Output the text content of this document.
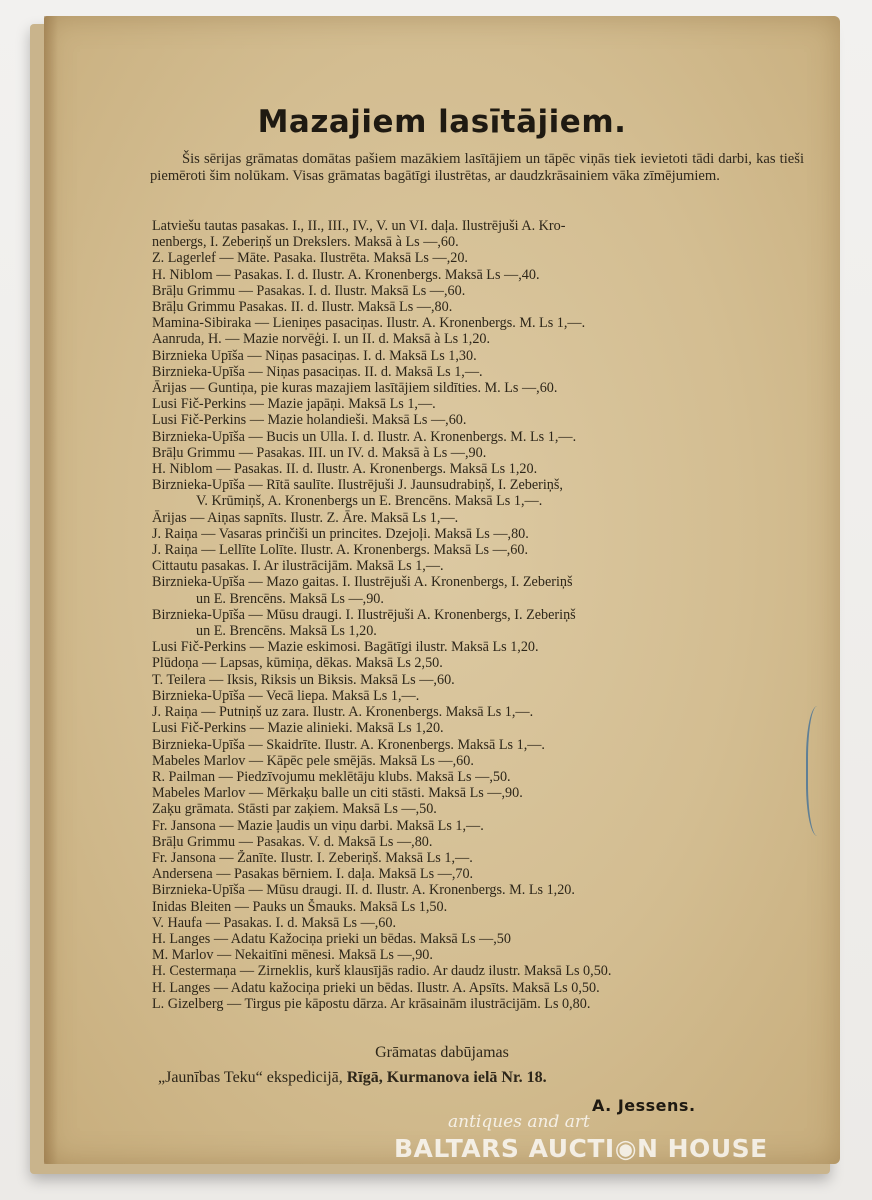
Mazajiem lasītājiem.
Šis sērijas grāmatas domātas pašiem mazākiem lasītājiem un tāpēc viņās tiek ievietoti tādi darbi, kas tieši piemēroti šim nolūkam. Visas grāmatas bagātīgi ilustrētas, ar daudzkrāsainiem vāka zīmējumiem.
Latviešu tautas pasakas. I., II., III., IV., V. un VI. daļa. Ilustrējuši A. Kro-
nenbergs, I. Zeberiņš un Drekslers. Maksā à Ls —,60.
Z. Lagerlef — Māte. Pasaka. Ilustrēta. Maksā Ls —,20.
H. Niblom — Pasakas. I. d. Ilustr. A. Kronenbergs. Maksā Ls —,40.
Brāļu Grimmu — Pasakas. I. d. Ilustr. Maksā Ls —,60.
Brāļu Grimmu Pasakas. II. d. Ilustr. Maksā Ls —,80.
Mamina-Sibiraka — Lieniņes pasaciņas. Ilustr. A. Kronenbergs. M. Ls 1,—.
Aanruda, H. — Mazie norvēģi. I. un II. d. Maksā à Ls 1,20.
Birznieka Upīša — Niņas pasaciņas. I. d. Maksā Ls 1,30.
Birznieka-Upīša — Niņas pasaciņas. II. d. Maksā Ls 1,—.
Ārijas — Guntiņa, pie kuras mazajiem lasītājiem sildīties. M. Ls —,60.
Lusi Fič-Perkins — Mazie japāņi. Maksā Ls 1,—.
Lusi Fič-Perkins — Mazie holandieši. Maksā Ls —,60.
Birznieka-Upīša — Bucis un Ulla. I. d. Ilustr. A. Kronenbergs. M. Ls 1,—.
Brāļu Grimmu — Pasakas. III. un IV. d. Maksā à Ls —,90.
H. Niblom — Pasakas. II. d. Ilustr. A. Kronenbergs. Maksā Ls 1,20.
Birznieka-Upīša — Rītā saulīte. Ilustrējuši J. Jaunsudrabiņš, I. Zeberiņš,
V. Krūmiņš, A. Kronenbergs un E. Brencēns. Maksā Ls 1,—.
Ārijas — Aiņas sapnīts. Ilustr. Z. Āre. Maksā Ls 1,—.
J. Raiņa — Vasaras prinčiši un princites. Dzejoļi. Maksā Ls —,80.
J. Raiņa — Lellīte Lolīte. Ilustr. A. Kronenbergs. Maksā Ls —,60.
Cittautu pasakas. I. Ar ilustrācijām. Maksā Ls 1,—.
Birznieka-Upīša — Mazo gaitas. I. Ilustrējuši A. Kronenbergs, I. Zeberiņš
un E. Brencēns. Maksā Ls —,90.
Birznieka-Upīša — Mūsu draugi. I. Ilustrējuši A. Kronenbergs, I. Zeberiņš
un E. Brencēns. Maksā Ls 1,20.
Lusi Fič-Perkins — Mazie eskimosi. Bagātīgi ilustr. Maksā Ls 1,20.
Plūdoņa — Lapsas, kūmiņa, dēkas. Maksā Ls 2,50.
T. Teilera — Iksis, Riksis un Biksis. Maksā Ls —,60.
Birznieka-Upīša — Vecā liepa. Maksā Ls 1,—.
J. Raiņa — Putniņš uz zara. Ilustr. A. Kronenbergs. Maksā Ls 1,—.
Lusi Fič-Perkins — Mazie alinieki. Maksā Ls 1,20.
Birznieka-Upīša — Skaidrīte. Ilustr. A. Kronenbergs. Maksā Ls 1,—.
Mabeles Marlov — Kāpēc pele smējās. Maksā Ls —,60.
R. Pailman — Piedzīvojumu meklētāju klubs. Maksā Ls —,50.
Mabeles Marlov — Mērkaķu balle un citi stāsti. Maksā Ls —,90.
Zaķu grāmata. Stāsti par zaķiem. Maksā Ls —,50.
Fr. Jansona — Mazie ļaudis un viņu darbi. Maksā Ls 1,—.
Brāļu Grimmu — Pasakas. V. d. Maksā Ls —,80.
Fr. Jansona — Žanīte. Ilustr. I. Zeberiņš. Maksā Ls 1,—.
Andersena — Pasakas bērniem. I. daļa. Maksā Ls —,70.
Birznieka-Upīša — Mūsu draugi. II. d. Ilustr. A. Kronenbergs. M. Ls 1,20.
Inidas Bleiten — Pauks un Šmauks. Maksā Ls 1,50.
V. Haufa — Pasakas. I. d. Maksā Ls —,60.
H. Langes — Adatu Kažociņa prieki un bēdas. Maksā Ls —,50
M. Marlov — Nekaitīni mēnesi. Maksā Ls —,90.
H. Cestermaņa — Zirneklis, kurš klausījās radio. Ar daudz ilustr. Maksā Ls 0,50.
H. Langes — Adatu kažociņa prieki un bēdas. Ilustr. A. Apsīts. Maksā Ls 0,50.
L. Gizelberg — Tirgus pie kāpostu dārza. Ar krāsainām ilustrācijām. Ls 0,80.
Grāmatas dabūjamas
„Jaunības Teku“ ekspedicijā, Rīgā, Kurmanova ielā Nr. 18.
A. Jessens.
antiques and art
BALTARS AUCTI◉N HOUSE
